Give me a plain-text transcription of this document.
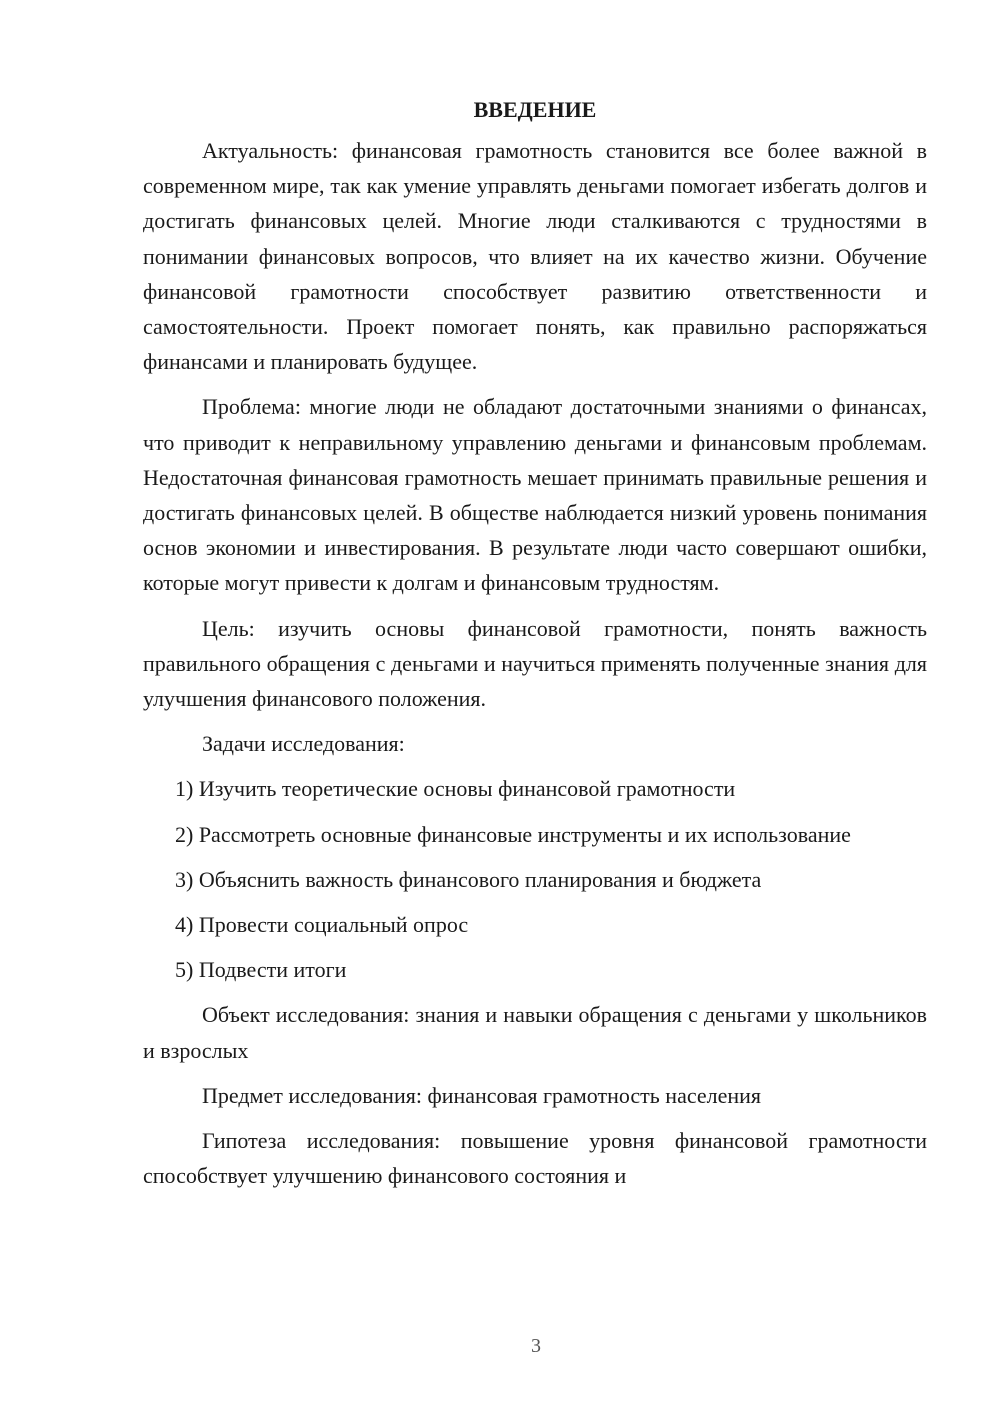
ВВЕДЕНИЕ

Актуальность: финансовая грамотность становится все более важной в современном мире, так как умение управлять деньгами помогает избегать долгов и достигать финансовых целей. Многие люди сталкиваются с трудностями в понимании финансовых вопросов, что влияет на их качество жизни. Обучение финансовой грамотности способствует развитию ответственности и самостоятельности. Проект помогает понять, как правильно распоряжаться финансами и планировать будущее.

Проблема: многие люди не обладают достаточными знаниями о финансах, что приводит к неправильному управлению деньгами и финансовым проблемам. Недостаточная финансовая грамотность мешает принимать правильные решения и достигать финансовых целей. В обществе наблюдается низкий уровень понимания основ экономии и инвестирования. В результате люди часто совершают ошибки, которые могут привести к долгам и финансовым трудностям.

Цель: изучить основы финансовой грамотности, понять важность правильного обращения с деньгами и научиться применять полученные знания для улучшения финансового положения.

Задачи исследования:

1) Изучить теоретические основы финансовой грамотности

2) Рассмотреть основные финансовые инструменты и их использование

3) Объяснить важность финансового планирования и бюджета

4) Провести социальный опрос

5) Подвести итоги

Объект исследования: знания и навыки обращения с деньгами у школьников и взрослых

Предмет исследования: финансовая грамотность населения

Гипотеза исследования: повышение уровня финансовой грамотности способствует улучшению финансового состояния и

3
